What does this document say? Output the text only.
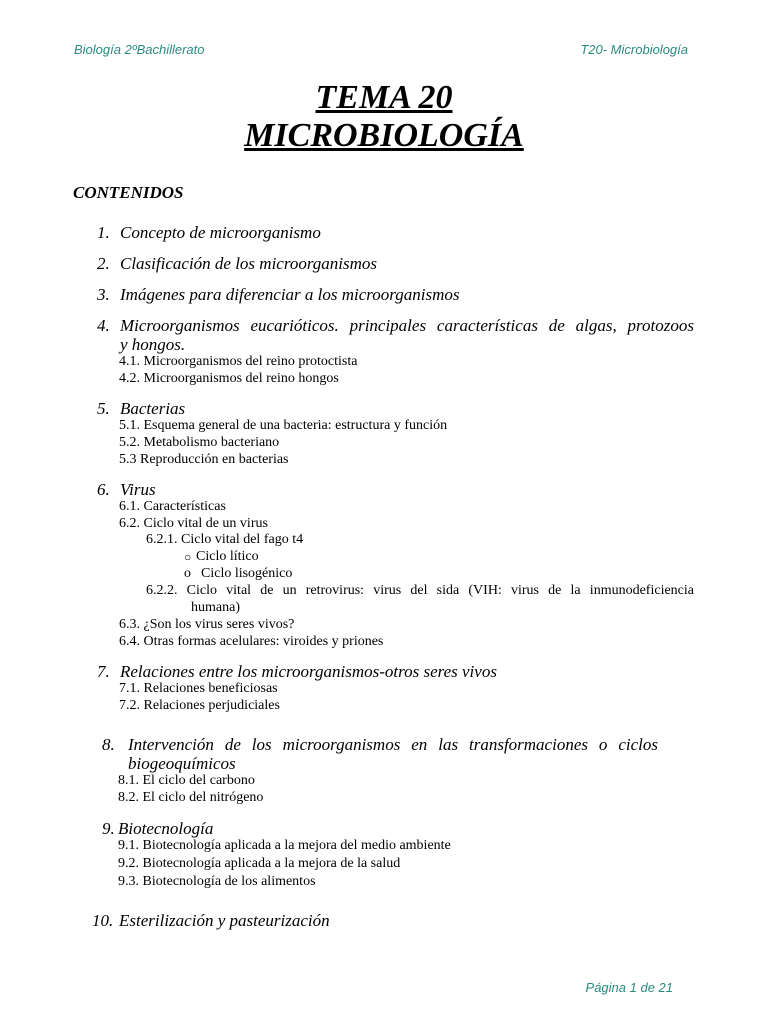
Biología 2ºBachillerato	T20- Microbiología
TEMA 20
MICROBIOLOGÍA
CONTENIDOS
1. Concepto de microorganismo
2. Clasificación de los microorganismos
3. Imágenes para diferenciar a los microorganismos
4. Microorganismos eucarióticos. principales características de algas, protozoos
y hongos.
4.1. Microorganismos del reino protoctista
4.2. Microorganismos del reino hongos
5. Bacterias
5.1. Esquema general de una bacteria: estructura y función
5.2. Metabolismo bacteriano
5.3 Reproducción en bacterias
6. Virus
6.1. Características
6.2. Ciclo vital de un virus
6.2.1. Ciclo vital del fago t4
○ Ciclo lítico
o Ciclo lisogénico
6.2.2. Ciclo vital de un retrovirus: virus del sida (VIH: virus de la inmunodeficiencia
humana)
6.3. ¿Son los virus seres vivos?
6.4. Otras formas acelulares: viroides y priones
7. Relaciones entre los microorganismos-otros seres vivos
7.1. Relaciones beneficiosas
7.2. Relaciones perjudiciales
8. Intervención de los microorganismos en las transformaciones o ciclos
biogeoquímicos
8.1. El ciclo del carbono
8.2. El ciclo del nitrógeno
9. Biotecnología
9.1. Biotecnología aplicada a la mejora del medio ambiente
9.2. Biotecnología aplicada a la mejora de la salud
9.3. Biotecnología de los alimentos
10. Esterilización y pasteurización
Página 1 de 21
